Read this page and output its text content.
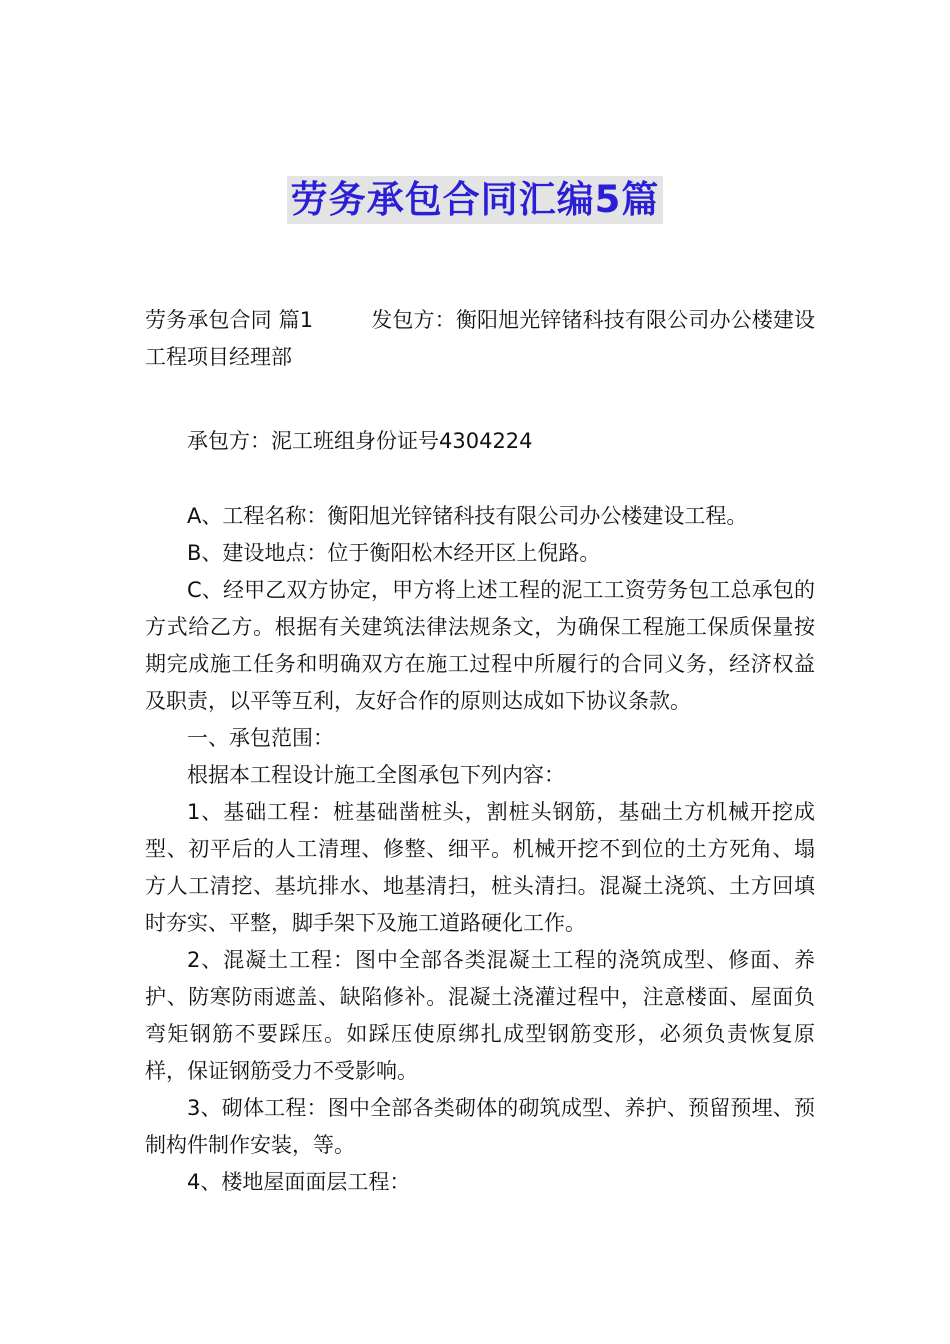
劳务承包合同汇编5篇

劳务承包合同 篇1	发包方：衡阳旭光锌锗科技有限公司办公楼建设工程项目经理部

承包方：泥工班组身份证号4304224

A、工程名称：衡阳旭光锌锗科技有限公司办公楼建设工程。

B、建设地点：位于衡阳松木经开区上倪路。

C、经甲乙双方协定，甲方将上述工程的泥工工资劳务包工总承包的方式给乙方。根据有关建筑法律法规条文，为确保工程施工保质保量按期完成施工任务和明确双方在施工过程中所履行的合同义务，经济权益及职责，以平等互利，友好合作的原则达成如下协议条款。

一、承包范围：

根据本工程设计施工全图承包下列内容：

1、基础工程：桩基础凿桩头，割桩头钢筋，基础土方机械开挖成型、初平后的人工清理、修整、细平。机械开挖不到位的土方死角、塌方人工清挖、基坑排水、地基清扫，桩头清扫。混凝土浇筑、土方回填时夯实、平整，脚手架下及施工道路硬化工作。

2、混凝土工程：图中全部各类混凝土工程的浇筑成型、修面、养护、防寒防雨遮盖、缺陷修补。混凝土浇灌过程中，注意楼面、屋面负弯矩钢筋不要踩压。如踩压使原绑扎成型钢筋变形，必须负责恢复原样，保证钢筋受力不受影响。

3、砌体工程：图中全部各类砌体的砌筑成型、养护、预留预埋、预制构件制作安装，等。

4、楼地屋面面层工程：
